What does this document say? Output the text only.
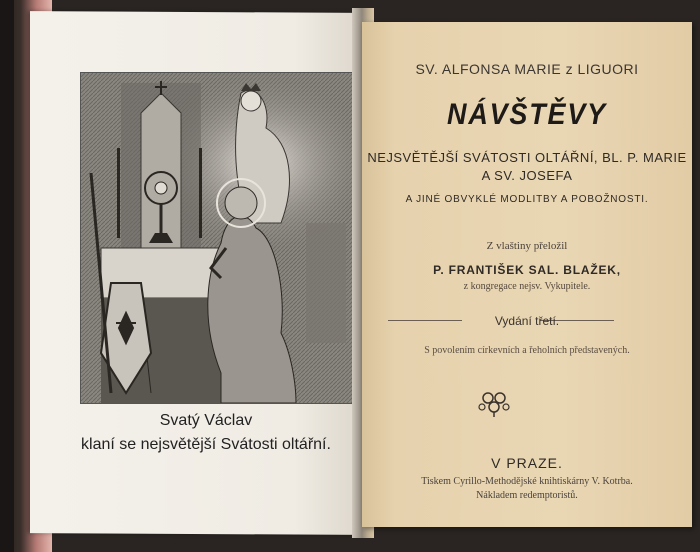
Svatý Václav
klaní se nejsvětější Svátosti oltářní.
SV. ALFONSA MARIE z LIGUORI
NÁVŠTĚVY
NEJSVĚTĚJŠÍ SVÁTOSTI OLTÁŘNÍ, BL. P. MARIE
A SV. JOSEFA
A JINÉ OBVYKLÉ MODLITBY A POBOŽNOSTI.
Z vlaštiny přeložil
P. FRANTIŠEK SAL. BLAŽEK,
z kongregace nejsv. Vykupitele.
Vydání třetí.
S povolením církevních a řeholních představených.
V PRAZE.
Tiskem Cyrillo-Methodějské knihtiskárny V. Kotrba.
Nákladem redemptoristů.
